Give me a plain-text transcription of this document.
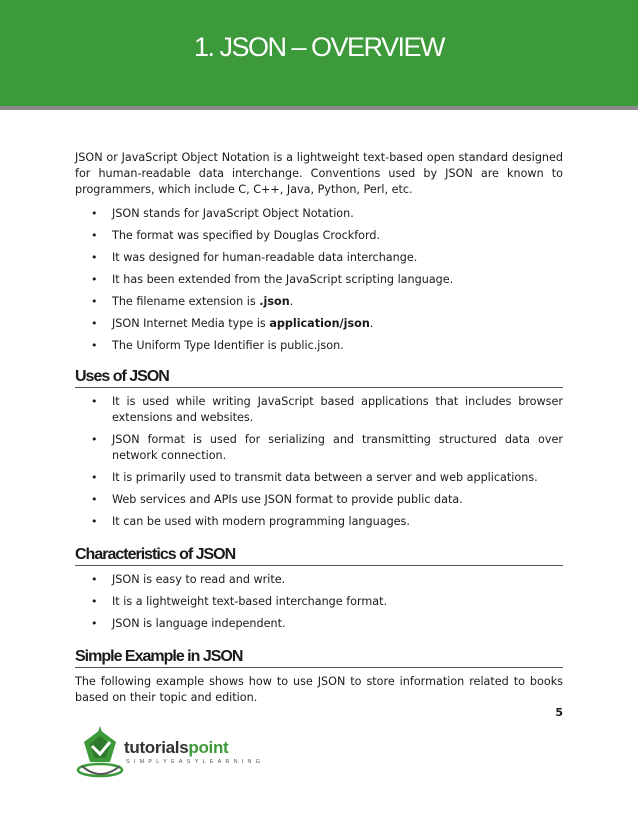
1. JSON – OVERVIEW

JSON or JavaScript Object Notation is a lightweight text-based open standard designed for human-readable data interchange. Conventions used by JSON are known to programmers, which include C, C++, Java, Python, Perl, etc.

• JSON stands for JavaScript Object Notation.
• The format was specified by Douglas Crockford.
• It was designed for human-readable data interchange.
• It has been extended from the JavaScript scripting language.
• The filename extension is .json.
• JSON Internet Media type is application/json.
• The Uniform Type Identifier is public.json.
Uses of JSON
• It is used while writing JavaScript based applications that includes browser extensions and websites.
• JSON format is used for serializing and transmitting structured data over network connection.
• It is primarily used to transmit data between a server and web applications.
• Web services and APIs use JSON format to provide public data.
• It can be used with modern programming languages.
Characteristics of JSON
• JSON is easy to read and write.
• It is a lightweight text-based interchange format.
• JSON is language independent.
Simple Example in JSON

The following example shows how to use JSON to store information related to books based on their topic and edition.

5
tutorialspoint
SIMPLYEASYLEARNING
